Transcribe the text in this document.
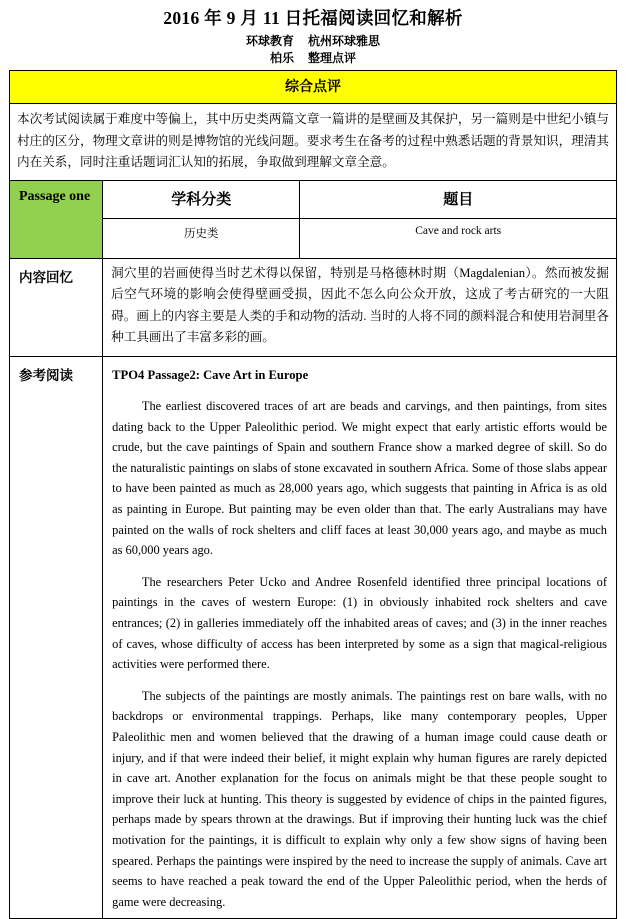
2016 年 9 月 11 日托福阅读回忆和解析
环球教育 杭州环球雅思
柏乐 整理点评
综合点评		
本次考试阅读属于难度中等偏上，其中历史类两篇文章一篇讲的是壁画及其保护，另一篇则是中世纪小镇与村庄的区分，物理文章讲的则是博物馆的光线问题。要求考生在备考的过程中熟悉话题的背景知识，理清其内在关系，同时注重话题词汇认知的拓展，争取做到理解文章全意。		
Passage one	学科分类	题目
	历史类	Cave and rock arts
内容回忆	洞穴里的岩画使得当时艺术得以保留，特别是马格德林时期（Magdalenian）。然而被发掘后空气环境的影响会使得壁画受损，因此不怎么向公众开放，这成了考古研究的一大阻碍。画上的内容主要是人类的手和动物的活动. 当时的人将不同的颜料混合和使用岩洞里各种工具画出了丰富多彩的画。	

参考阅读	TPO4 Passage2: Cave Art in Europe

The earliest discovered traces of art are beads and carvings, and then paintings, from sites dating back to the Upper Paleolithic period. We might expect that early artistic efforts would be crude, but the cave paintings of Spain and southern France show a marked degree of skill. So do the naturalistic paintings on slabs of stone excavated in southern Africa. Some of those slabs appear to have been painted as much as 28,000 years ago, which suggests that painting in Africa is as old as painting in Europe. But painting may be even older than that. The early Australians may have painted on the walls of rock shelters and cliff faces at least 30,000 years ago, and maybe as much as 60,000 years ago.

The researchers Peter Ucko and Andree Rosenfeld identified three principal locations of paintings in the caves of western Europe: (1) in obviously inhabited rock shelters and cave entrances; (2) in galleries immediately off the inhabited areas of caves; and (3) in the inner reaches of caves, whose difficulty of access has been interpreted by some as a sign that magical-religious activities were performed there.

The subjects of the paintings are mostly animals. The paintings rest on bare walls, with no backdrops or environmental trappings. Perhaps, like many contemporary peoples, Upper Paleolithic men and women believed that the drawing of a human image could cause death or injury, and if that were indeed their belief, it might explain why human figures are rarely depicted in cave art. Another explanation for the focus on animals might be that these people sought to improve their luck at hunting. This theory is suggested by evidence of chips in the painted figures, perhaps made by spears thrown at the drawings. But if improving their hunting luck was the chief motivation for the paintings, it is difficult to explain why only a few show signs of having been speared. Perhaps the paintings were inspired by the need to increase the supply of animals. Cave art seems to have reached a peak toward the end of the Upper Paleolithic period, when the herds of game were decreasing.
